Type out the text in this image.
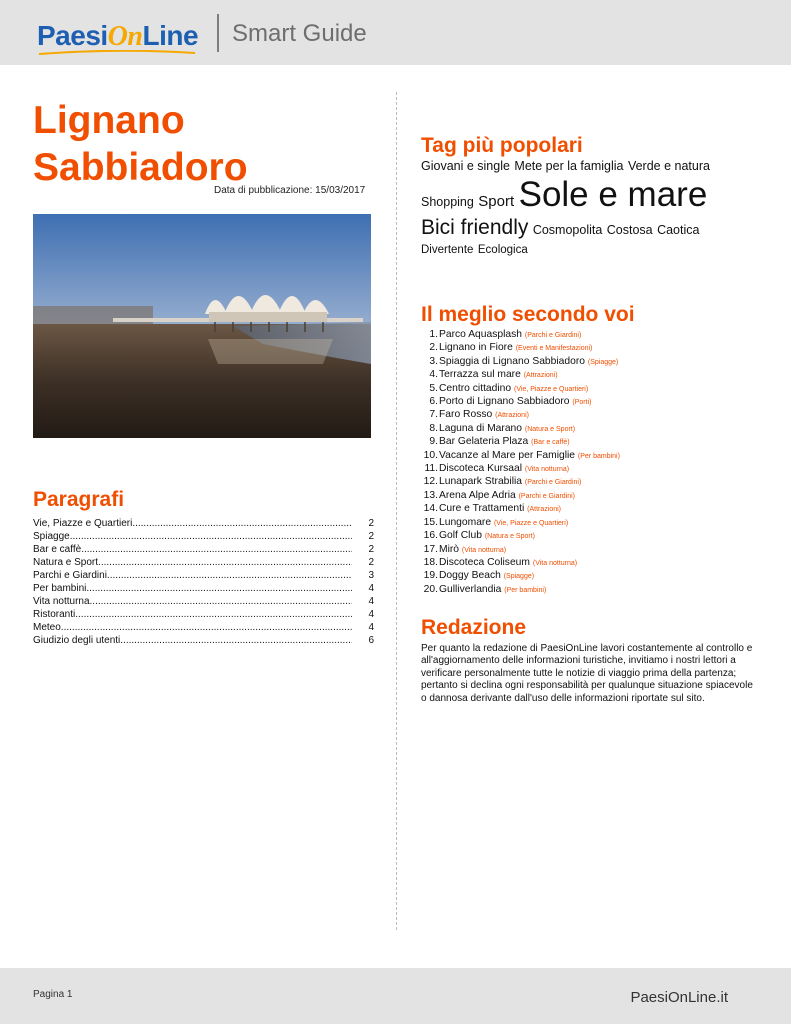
PaesiOnLine Smart Guide
Lignano
Sabbiadoro
Data di pubblicazione: 15/03/2017
Paragrafi
Vie, Piazze e Quartieri .....	2
Spiagge .....	2
Bar e caffè .....	2
Natura e Sport .....	2
Parchi e Giardini .....	3
Per bambini .....	4
Vita notturna .....	4
Ristoranti .....	4
Meteo .....	4
Giudizio degli utenti .....	6
Tag più popolari
Giovani e single Mete per la famiglia Verde e natura
Shopping Sport Sole e mare
Bici friendly Cosmopolita Costosa Caotica
Divertente Ecologica
Il meglio secondo voi
1.Parco Aquasplash (Parchi e Giardini)
2.Lignano in Fiore (Eventi e Manifestazioni)
3.Spiaggia di Lignano Sabbiadoro (Spiagge)
4.Terrazza sul mare (Attrazioni)
5.Centro cittadino (Vie, Piazze e Quartieri)
6.Porto di Lignano Sabbiadoro (Porti)
7.Faro Rosso (Attrazioni)
8.Laguna di Marano (Natura e Sport)
9.Bar Gelateria Plaza (Bar e caffè)
10.Vacanze al Mare per Famiglie (Per bambini)
11.Discoteca Kursaal (Vita notturna)
12.Lunapark Strabilia (Parchi e Giardini)
13.Arena Alpe Adria (Parchi e Giardini)
14.Cure e Trattamenti (Attrazioni)
15.Lungomare (Vie, Piazze e Quartieri)
16.Golf Club (Natura e Sport)
17.Mirò (Vita notturna)
18.Discoteca Coliseum (Vita notturna)
19.Doggy Beach (Spiagge)
20.Gulliverlandia (Per bambini)
Redazione

Per quanto la redazione di PaesiOnLine lavori costantemente al controllo e all'aggiornamento delle informazioni turistiche, invitiamo i nostri lettori a verificare personalmente tutte le notizie di viaggio prima della partenza; pertanto si declina ogni responsabilità per qualunque situazione spiacevole o dannosa derivante dall'uso delle informazioni riportate sul sito.

Pagina 1	PaesiOnLine.it
